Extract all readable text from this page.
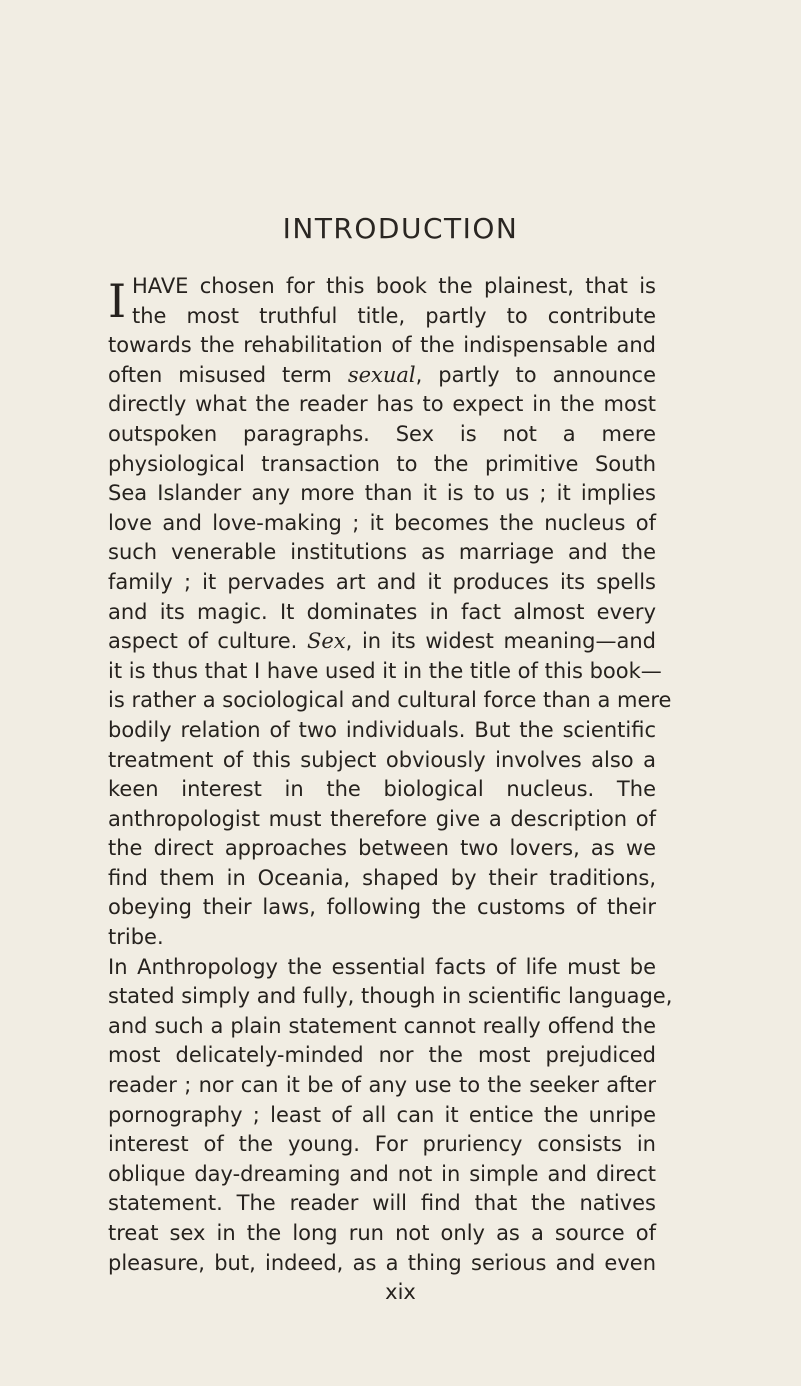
INTRODUCTION
I HAVE chosen for this book the plainest, that is
the most truthful title, partly to contribute
towards the rehabilitation of the indispensable and
often misused term sexual, partly to announce
directly what the reader has to expect in the most
outspoken paragraphs. Sex is not a mere
physiological transaction to the primitive South
Sea Islander any more than it is to us ; it implies
love and love-making ; it becomes the nucleus of
such venerable institutions as marriage and the
family ; it pervades art and it produces its spells
and its magic. It dominates in fact almost every
aspect of culture. Sex, in its widest meaning—and
it is thus that I have used it in the title of this book—
is rather a sociological and cultural force than a mere
bodily relation of two individuals. But the scientific
treatment of this subject obviously involves also a
keen interest in the biological nucleus. The
anthropologist must therefore give a description of
the direct approaches between two lovers, as we
find them in Oceania, shaped by their traditions,
obeying their laws, following the customs of their
tribe.
In Anthropology the essential facts of life must be
stated simply and fully, though in scientific language,
and such a plain statement cannot really offend the
most delicately-minded nor the most prejudiced
reader ; nor can it be of any use to the seeker after
pornography ; least of all can it entice the unripe
interest of the young. For pruriency consists in
oblique day-dreaming and not in simple and direct
statement. The reader will find that the natives
treat sex in the long run not only as a source of
pleasure, but, indeed, as a thing serious and even
xix
